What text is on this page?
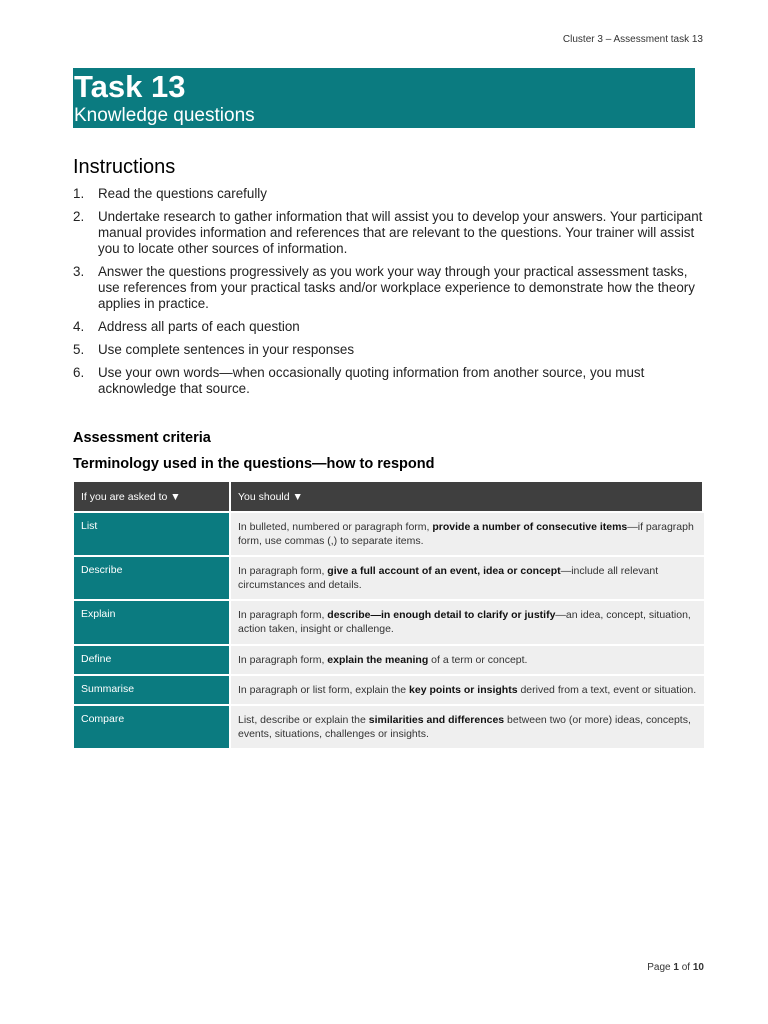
Cluster 3 – Assessment task 13
Task 13
Knowledge questions
Instructions
1.	Read the questions carefully
2.	Undertake research to gather information that will assist you to develop your answers. Your participant manual provides information and references that are relevant to the questions. Your trainer will assist you to locate other sources of information.
3.	Answer the questions progressively as you work your way through your practical assessment tasks, use references from your practical tasks and/or workplace experience to demonstrate how the theory applies in practice.
4.	Address all parts of each question
5.	Use complete sentences in your responses
6.	Use your own words—when occasionally quoting information from another source, you must acknowledge that source.
Assessment criteria
Terminology used in the questions—how to respond
If you are asked to ▼	You should ▼
List	In bulleted, numbered or paragraph form, provide a number of consecutive items—if paragraph form, use commas (,) to separate items.
Describe	In paragraph form, give a full account of an event, idea or concept—include all relevant circumstances and details.
Explain	In paragraph form, describe—in enough detail to clarify or justify—an idea, concept, situation, action taken, insight or challenge.
Define	In paragraph form, explain the meaning of a term or concept.
Summarise	In paragraph or list form, explain the key points or insights derived from a text, event or situation.
Compare	List, describe or explain the similarities and differences between two (or more) ideas, concepts, events, situations, challenges or insights.
Page 1 of 10
